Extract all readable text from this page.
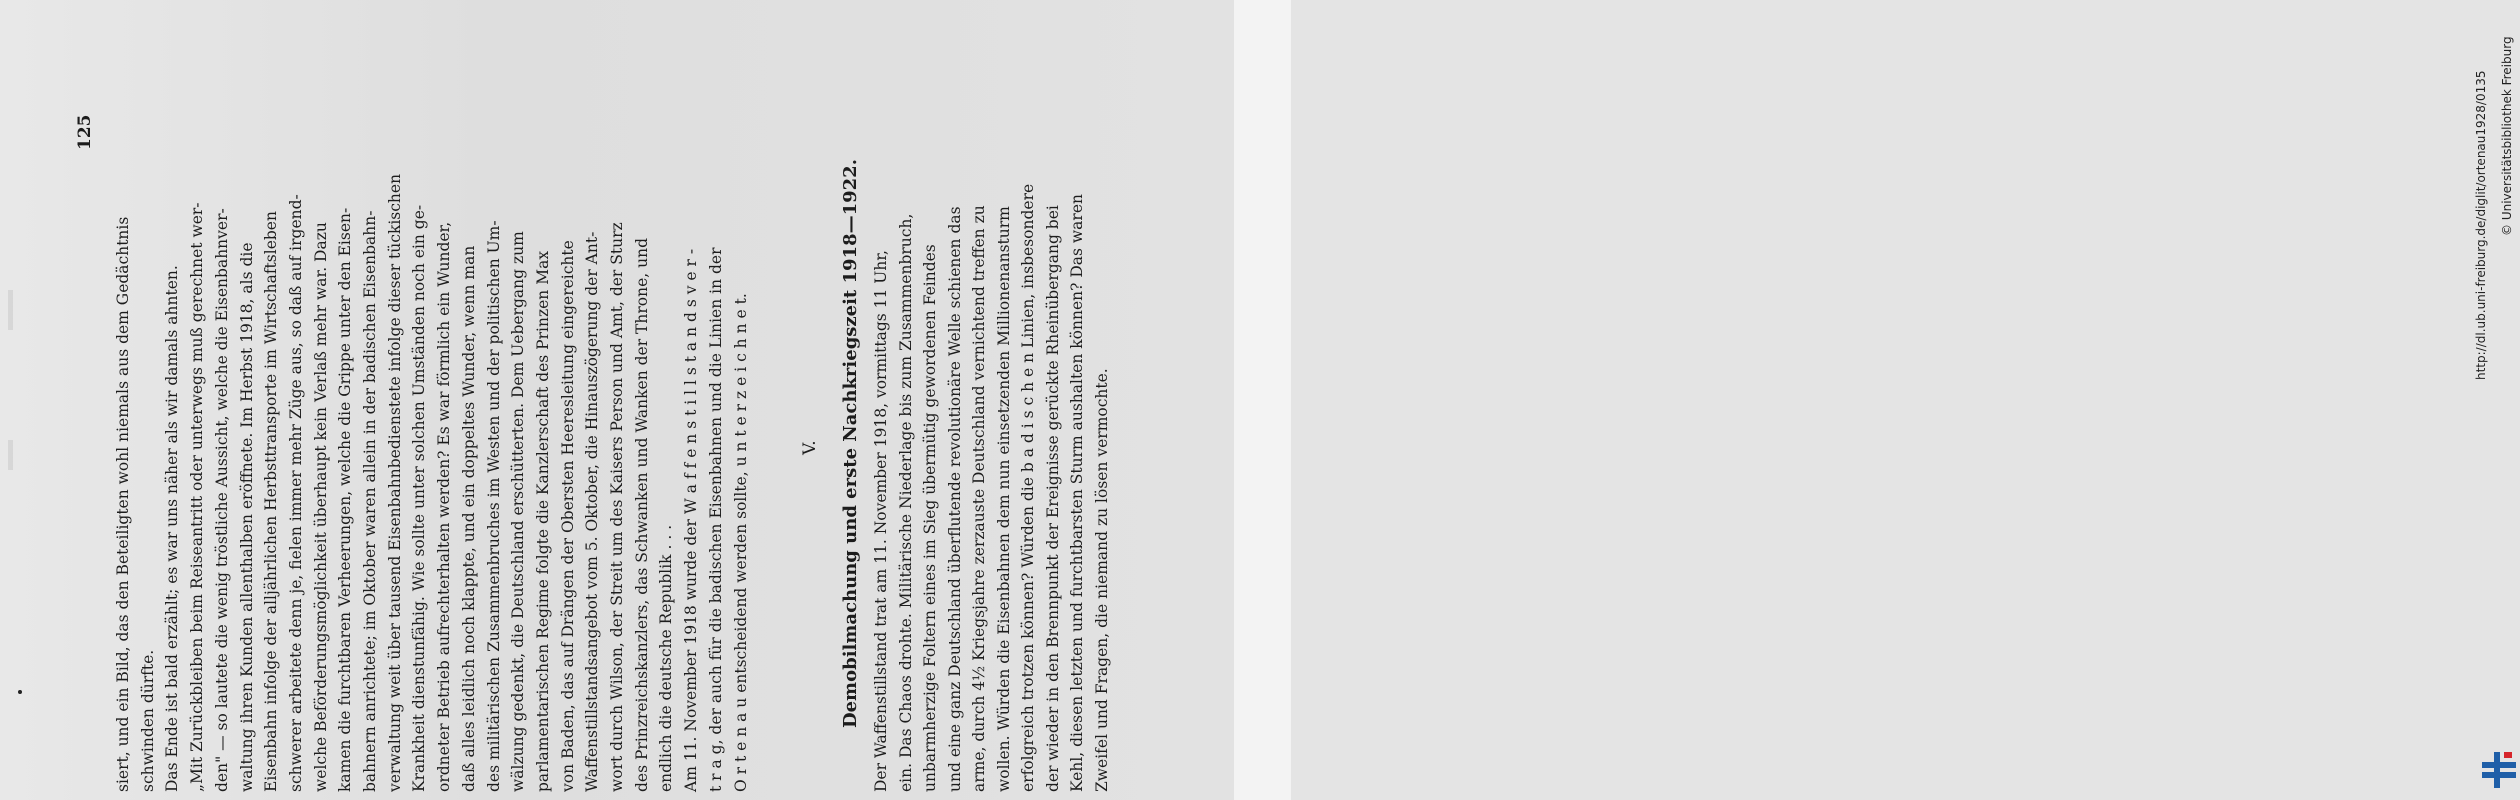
125
siert, und ein Bild, das den Beteiligten wohl niemals aus dem Gedächtnis schwinden dürfte. Das Ende ist bald erzählt; es war uns näher als wir damals ahnten. „Mit Zurückbleiben beim Reiseantritt oder unterwegs muß gerechnet wer- den" — so lautete die wenig tröstliche Aussicht, welche die Eisenbahnver- waltung ihren Kunden allenthalben eröffnete. Im Herbst 1918, als die Eisenbahn infolge der alljährlichen Herbsttransporte im Wirtschaftsleben schwerer arbeitete denn je, fielen immer mehr Züge aus, so daß auf irgend- welche Beförderungsmöglichkeit überhaupt kein Verlaß mehr war. Dazu kamen die furchtbaren Verheerungen, welche die Grippe unter den Eisen- bahnern anrichtete; im Oktober waren allein in der badischen Eisenbahn- verwaltung weit über tausend Eisenbahnbedienstete infolge dieser tückischen Krankheit dienstunfähig. Wie sollte unter solchen Umständen noch ein ge- ordneter Betrieb aufrechterhalten werden? Es war förmlich ein Wunder, daß alles leidlich noch klappte, und ein doppeltes Wunder, wenn man des militärischen Zusammenbruches im Westen und der politischen Um- wälzung gedenkt, die Deutschland erschütterten. Dem Uebergang zum parlamentarischen Regime folgte die Kanzlerschaft des Prinzen Max von Baden, das auf Drängen der Obersten Heeresleitung eingereichte Waffenstillstandsangebot vom 5. Oktober, die Hinauszögerung der Ant- wort durch Wilson, der Streit um des Kaisers Person und Amt, der Sturz des Prinzreichskanzlers, das Schwanken und Wanken der Throne, und endlich die deutsche Republik . . . Am 11. November 1918 wurde der W a f f e n s t i l l s t a n d s v e r - t r a g, der auch für die badischen Eisenbahnen und die Linien in der O r t e n a u entscheidend werden sollte, u n t e r z e i c h n e t.	V. Demobilmachung und erste Nachkriegszeit 1918—1922. Der Waffenstillstand trat am 11. November 1918, vormittags 11 Uhr, ein. Das Chaos drohte. Militärische Niederlage bis zum Zusammenbruch, unbarmherzige Foltern eines im Sieg übermütig gewordenen Feindes und eine ganz Deutschland überflutende revolutionäre Welle schienen das arme, durch 4½ Kriegsjahre zerzauste Deutschland vernichtend treffen zu wollen. Würden die Eisenbahnen dem nun einsetzenden Millionenansturm erfolgreich trotzen können? Würden die b a d i s c h e n Linien, insbesondere der wieder in den Brennpunkt der Ereignisse gerückte Rheinübergang bei Kehl, diesen letzten und furchtbarsten Sturm aushalten können? Das waren Zweifel und Fragen, die niemand zu lösen vermochte.
http://dl.ub.uni-freiburg.de/diglit/ortenau1928/0135 © Universitätsbibliothek Freiburg
